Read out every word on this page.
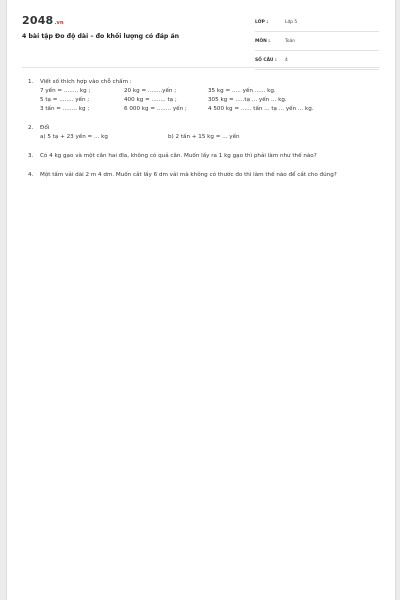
2048.vn
4 bài tập Đo độ dài – đo khối lượng có đáp án
LỚP :	Lớp 5
MÔN :	Toán
SỐ CÂU :	4
1. Viết số thích hợp vào chỗ chấm :
7 yến = ........ kg ;	20 kg = ........yến ;	35 kg = ..... yến ...... kg.
5 tạ = ........ yến ;	400 kg = ........ tạ ;	305 kg = .....tạ ... yến ... kg.
3 tấn = ........ kg ;	6 000 kg = ........ yến ;	4 500 kg = ...... tấn ... tạ ... yến ... kg.
2. Đổi
a) 5 tạ + 23 yến = ... kg	b) 2 tấn + 15 kg = ... yến
3. Có 4 kg gạo và một cân hai đĩa, không có quả cân. Muốn lấy ra 1 kg gạo thì phải làm như thế nào?
4. Một tấm vải dài 2 m 4 dm. Muốn cắt lấy 6 dm vải mà không có thước đo thì làm thế nào để cắt cho đúng?
